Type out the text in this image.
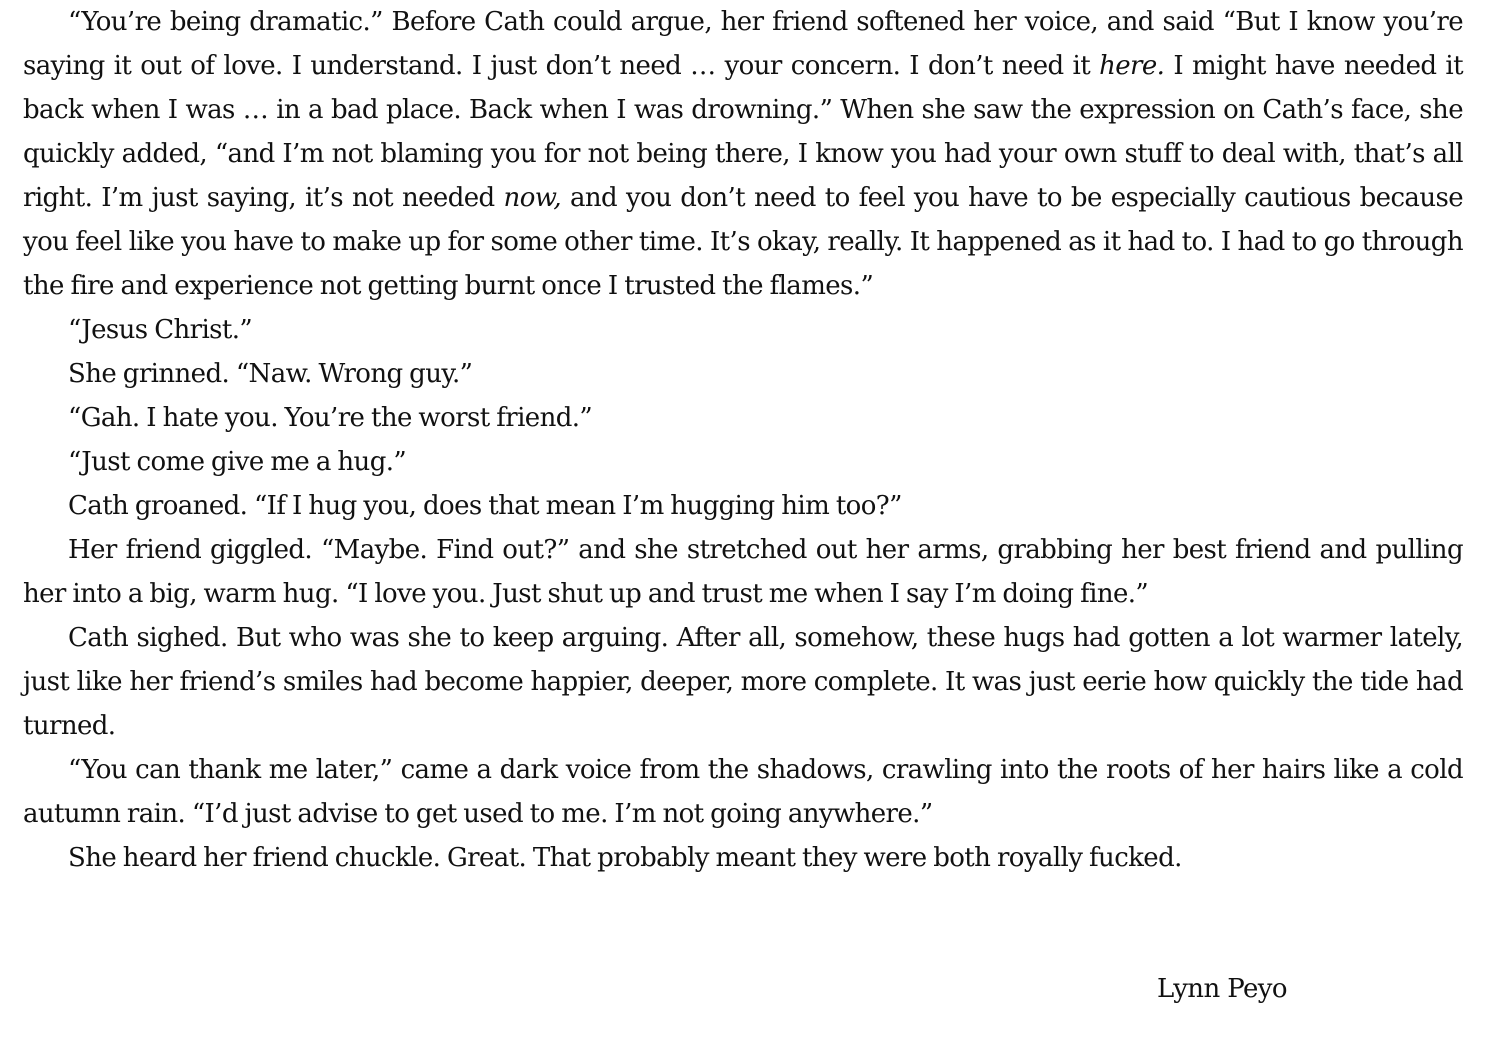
“You’re being dramatic.” Before Cath could argue, her friend softened her voice, and said “But I know you’re saying it out of love. I understand. I just don’t need … your concern. I don’t need it here. I might have needed it back when I was … in a bad place. Back when I was drowning.” When she saw the expression on Cath’s face, she quickly added, “and I’m not blaming you for not being there, I know you had your own stuff to deal with, that’s all right. I’m just saying, it’s not needed now, and you don’t need to feel you have to be especially cautious because you feel like you have to make up for some other time. It’s okay, really. It happened as it had to. I had to go through the fire and experience not getting burnt once I trusted the flames.”

“Jesus Christ.”

She grinned. “Naw. Wrong guy.”

“Gah. I hate you. You’re the worst friend.”

“Just come give me a hug.”

Cath groaned. “If I hug you, does that mean I’m hugging him too?”

Her friend giggled. “Maybe. Find out?” and she stretched out her arms, grabbing her best friend and pulling her into a big, warm hug. “I love you. Just shut up and trust me when I say I’m doing fine.”

Cath sighed. But who was she to keep arguing. After all, somehow, these hugs had gotten a lot warmer lately, just like her friend’s smiles had become happier, deeper, more complete. It was just eerie how quickly the tide had turned.

“You can thank me later,” came a dark voice from the shadows, crawling into the roots of her hairs like a cold autumn rain. “I’d just advise to get used to me. I’m not going anywhere.”

She heard her friend chuckle. Great. That probably meant they were both royally fucked.

Lynn Peyo
